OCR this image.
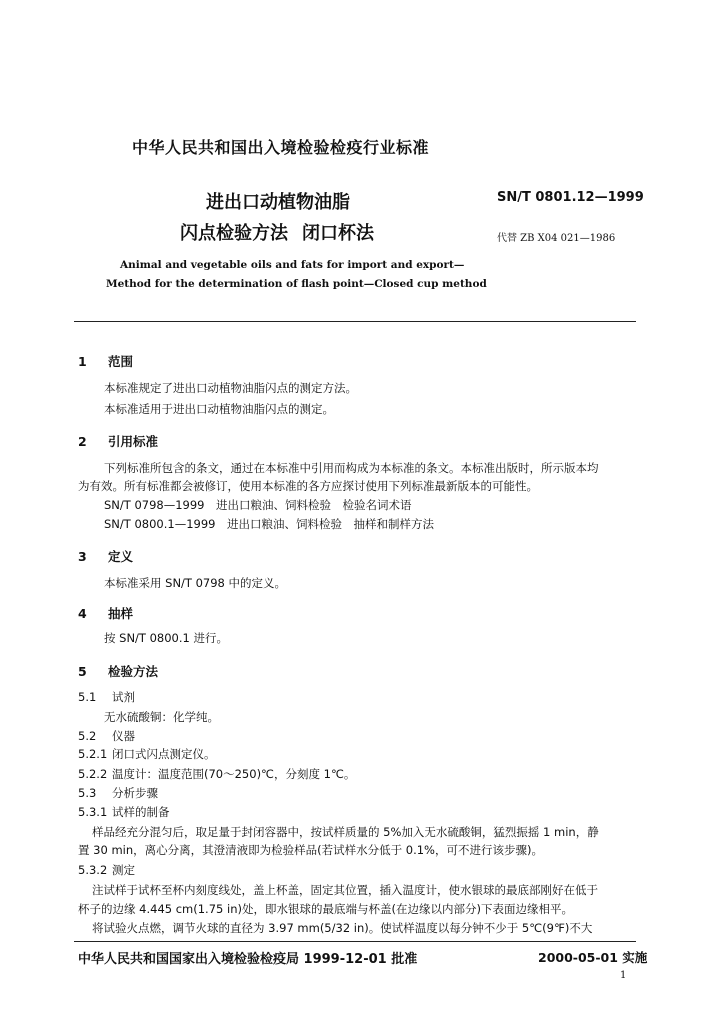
中华人民共和国出入境检验检疫行业标准
进出口动植物油脂
闪点检验方法 闭口杯法
SN/T 0801.12—1999
代替 ZB X04 021—1986
Animal and vegetable oils and fats for import and export—
Method for the determination of flash point—Closed cup method
1 范围
本标准规定了进出口动植物油脂闪点的测定方法。
本标准适用于进出口动植物油脂闪点的测定。
2 引用标准
下列标准所包含的条文，通过在本标准中引用而构成为本标准的条文。本标准出版时，所示版本均
为有效。所有标准都会被修订，使用本标准的各方应探讨使用下列标准最新版本的可能性。
SN/T 0798—1999　进出口粮油、饲料检验　检验名词术语
SN/T 0800.1—1999　进出口粮油、饲料检验　抽样和制样方法
3 定义
本标准采用 SN/T 0798 中的定义。
4 抽样
按 SN/T 0800.1 进行。
5 检验方法
5.1 试剂
无水硫酸铜：化学纯。
5.2 仪器
5.2.1 闭口式闪点测定仪。
5.2.2 温度计：温度范围(70～250)℃，分刻度 1℃。
5.3 分析步骤
5.3.1 试样的制备
样品经充分混匀后，取足量于封闭容器中，按试样质量的 5%加入无水硫酸铜，猛烈振摇 1 min，静
置 30 min，离心分离，其澄清液即为检验样品(若试样水分低于 0.1%，可不进行该步骤)。
5.3.2 测定
注试样于试杯至杯内刻度线处，盖上杯盖，固定其位置，插入温度计，使水银球的最底部刚好在低于
杯子的边缘 4.445 cm(1.75 in)处，即水银球的最底端与杯盖(在边缘以内部分)下表面边缘相平。
将试验火点燃，调节火球的直径为 3.97 mm(5/32 in)。使试样温度以每分钟不少于 5℃(9℉)不大
中华人民共和国国家出入境检验检疫局 1999-12-01 批准	2000-05-01 实施
1
